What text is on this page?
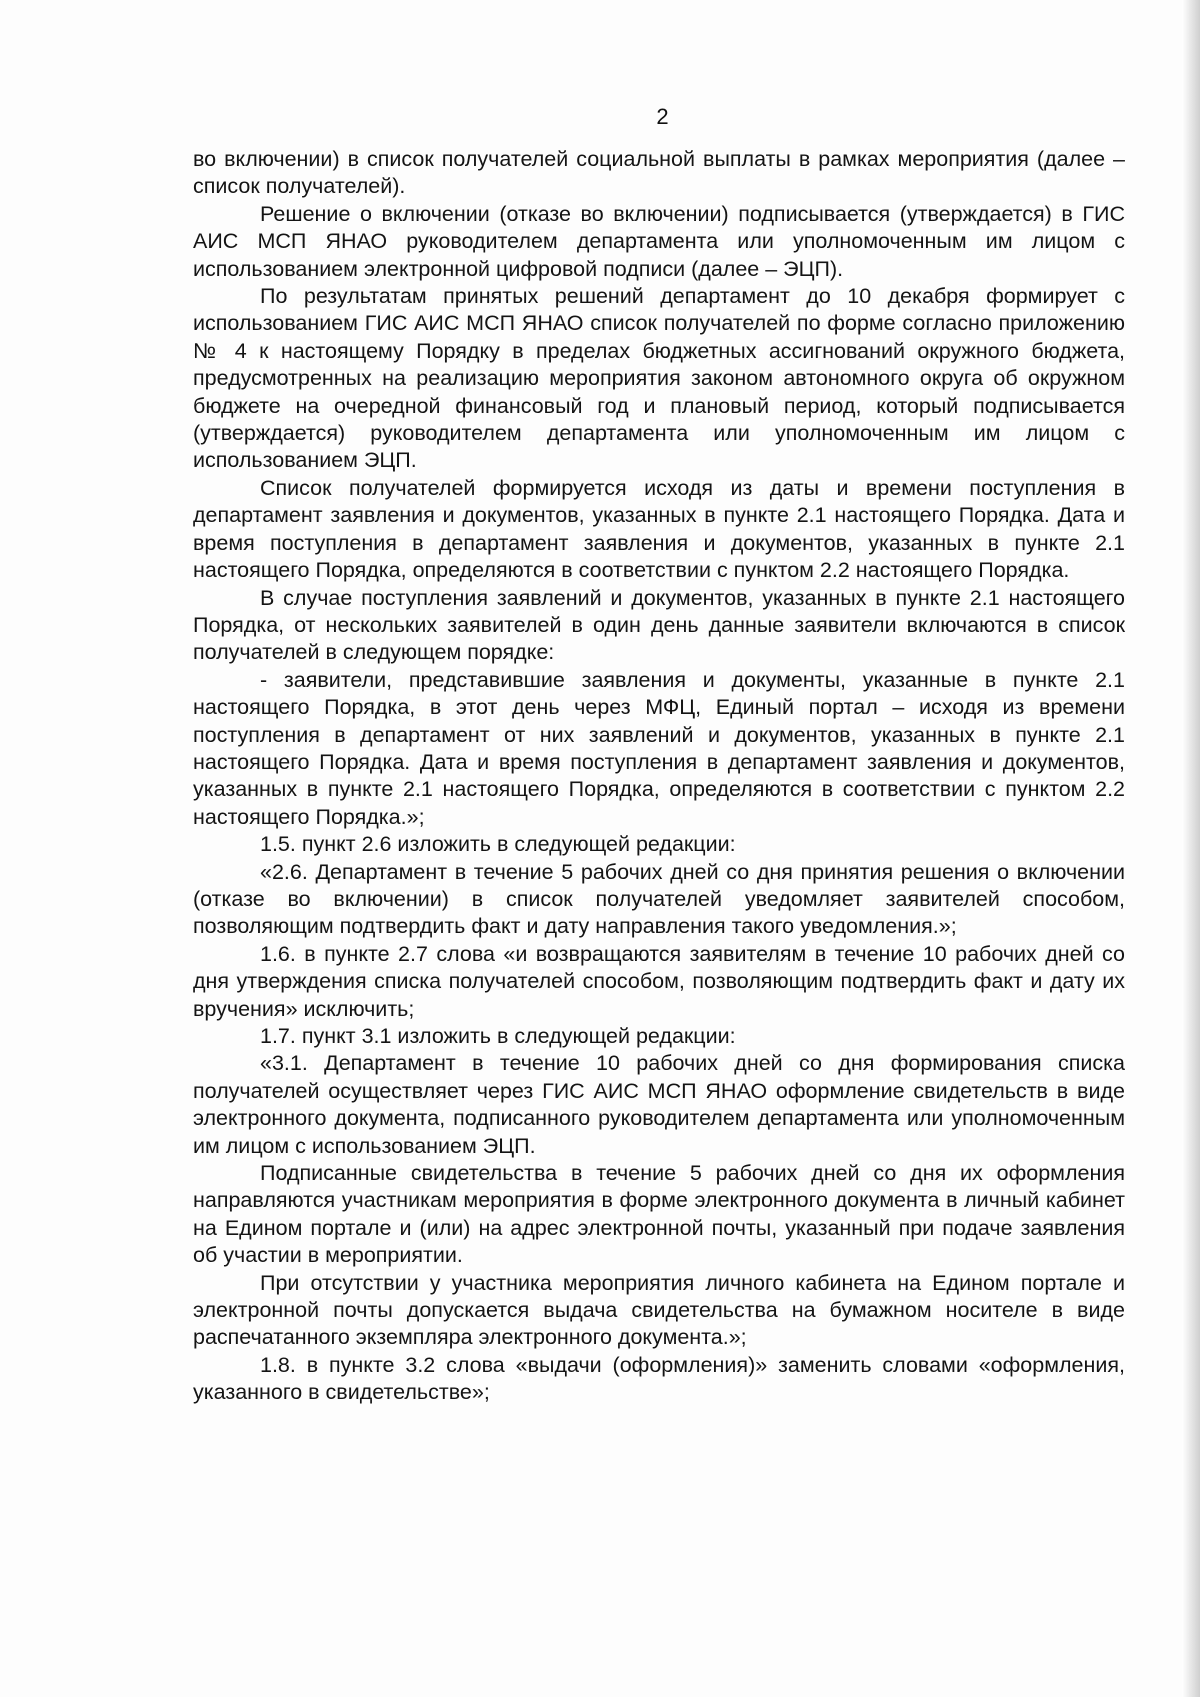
2

во включении) в список получателей социальной выплаты в рамках мероприятия (далее – список получателей).

Решение о включении (отказе во включении) подписывается (утверждается) в ГИС АИС МСП ЯНАО руководителем департамента или уполномоченным им лицом с использованием электронной цифровой подписи (далее – ЭЦП).

По результатам принятых решений департамент до 10 декабря формирует с использованием ГИС АИС МСП ЯНАО список получателей по форме согласно приложению № 4 к настоящему Порядку в пределах бюджетных ассигнований окружного бюджета, предусмотренных на реализацию мероприятия законом автономного округа об окружном бюджете на очередной финансовый год и плановый период, который подписывается (утверждается) руководителем департамента или уполномоченным им лицом с использованием ЭЦП.

Список получателей формируется исходя из даты и времени поступления в департамент заявления и документов, указанных в пункте 2.1 настоящего Порядка. Дата и время поступления в департамент заявления и документов, указанных в пункте 2.1 настоящего Порядка, определяются в соответствии с пунктом 2.2 настоящего Порядка.

В случае поступления заявлений и документов, указанных в пункте 2.1 настоящего Порядка, от нескольких заявителей в один день данные заявители включаются в список получателей в следующем порядке:

- заявители, представившие заявления и документы, указанные в пункте 2.1 настоящего Порядка, в этот день через МФЦ, Единый портал – исходя из времени поступления в департамент от них заявлений и документов, указанных в пункте 2.1 настоящего Порядка. Дата и время поступления в департамент заявления и документов, указанных в пункте 2.1 настоящего Порядка, определяются в соответствии с пунктом 2.2 настоящего Порядка.»;

1.5. пункт 2.6 изложить в следующей редакции:

«2.6. Департамент в течение 5 рабочих дней со дня принятия решения о включении (отказе во включении) в список получателей уведомляет заявителей способом, позволяющим подтвердить факт и дату направления такого уведомления.»;

1.6. в пункте 2.7 слова «и возвращаются заявителям в течение 10 рабочих дней со дня утверждения списка получателей способом, позволяющим подтвердить факт и дату их вручения» исключить;

1.7. пункт 3.1 изложить в следующей редакции:

«3.1. Департамент в течение 10 рабочих дней со дня формирования списка получателей осуществляет через ГИС АИС МСП ЯНАО оформление свидетельств в виде электронного документа, подписанного руководителем департамента или уполномоченным им лицом с использованием ЭЦП.

Подписанные свидетельства в течение 5 рабочих дней со дня их оформления направляются участникам мероприятия в форме электронного документа в личный кабинет на Едином портале и (или) на адрес электронной почты, указанный при подаче заявления об участии в мероприятии.

При отсутствии у участника мероприятия личного кабинета на Едином портале и электронной почты допускается выдача свидетельства на бумажном носителе в виде распечатанного экземпляра электронного документа.»;

1.8. в пункте 3.2 слова «выдачи (оформления)» заменить словами «оформления, указанного в свидетельстве»;
